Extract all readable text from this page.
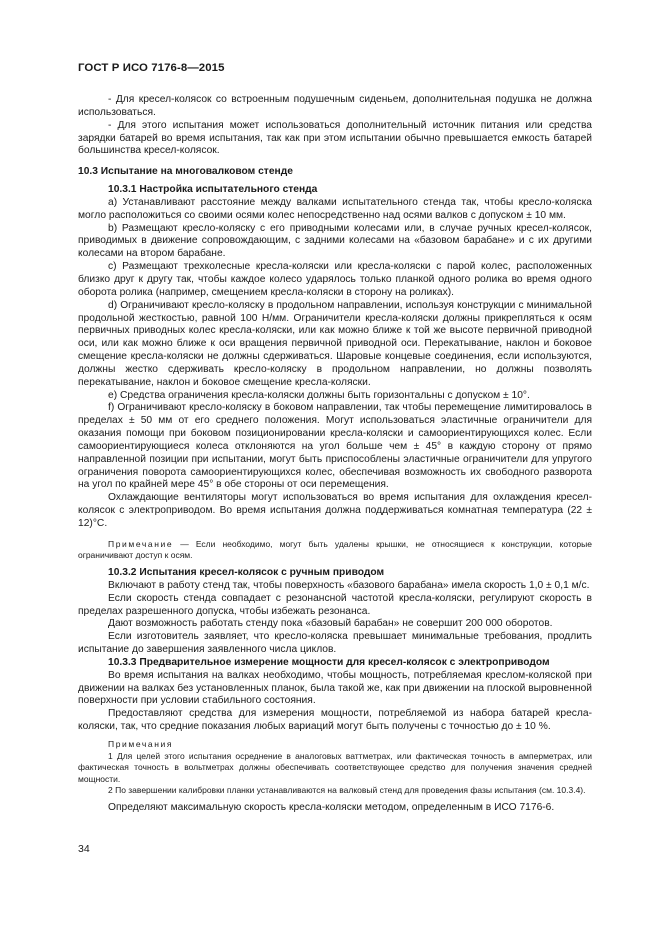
ГОСТ Р ИСО 7176-8—2015

- Для кресел-колясок со встроенным подушечным сиденьем, дополнительная подушка не должна использоваться.

- Для этого испытания может использоваться дополнительный источник питания или средства зарядки батарей во время испытания, так как при этом испытании обычно превышается емкость батарей большинства кресел-колясок.

10.3 Испытание на многовалковом стенде

10.3.1 Настройка испытательного стенда

a) Устанавливают расстояние между валками испытательного стенда так, чтобы кресло-коляска могло расположиться со своими осями колес непосредственно над осями валков с допуском ± 10 мм.

b) Размещают кресло-коляску с его приводными колесами или, в случае ручных кресел-колясок, приводимых в движение сопровождающим, с задними колесами на «базовом барабане» и с их другими колесами на втором барабане.

c) Размещают трехколесные кресла-коляски или кресла-коляски с парой колес, расположенных близко друг к другу так, чтобы каждое колесо ударялось только планкой одного ролика во время одного оборота ролика (например, смещением кресла-коляски в сторону на роликах).

d) Ограничивают кресло-коляску в продольном направлении, используя конструкции с минимальной продольной жесткостью, равной 100 Н/мм. Ограничители кресла-коляски должны прикрепляться к осям первичных приводных колес кресла-коляски, или как можно ближе к той же высоте первичной приводной оси, или как можно ближе к оси вращения первичной приводной оси. Перекатывание, наклон и боковое смещение кресла-коляски не должны сдерживаться. Шаровые концевые соединения, если используются, должны жестко сдерживать кресло-коляску в продольном направлении, но должны позволять перекатывание, наклон и боковое смещение кресла-коляски.

e) Средства ограничения кресла-коляски должны быть горизонтальны с допуском ± 10°.

f) Ограничивают кресло-коляску в боковом направлении, так чтобы перемещение лимитировалось в пределах ± 50 мм от его среднего положения. Могут использоваться эластичные ограничители для оказания помощи при боковом позиционировании кресла-коляски и самоориентирующихся колес. Если самоориентирующиеся колеса отклоняются на угол больше чем ± 45° в каждую сторону от прямо направленной позиции при испытании, могут быть приспособлены эластичные ограничители для упругого ограничения поворота самоориентирующихся колес, обеспечивая возможность их свободного разворота на угол по крайней мере 45° в обе стороны от оси перемещения.

Охлаждающие вентиляторы могут использоваться во время испытания для охлаждения кресел-колясок с электроприводом. Во время испытания должна поддерживаться комнатная температура (22 ± 12)°C.

Примечание — Если необходимо, могут быть удалены крышки, не относящиеся к конструкции, которые ограничивают доступ к осям.

10.3.2 Испытания кресел-колясок с ручным приводом

Включают в работу стенд так, чтобы поверхность «базового барабана» имела скорость 1,0 ± 0,1 м/с.

Если скорость стенда совпадает с резонансной частотой кресла-коляски, регулируют скорость в пределах разрешенного допуска, чтобы избежать резонанса.

Дают возможность работать стенду пока «базовый барабан» не совершит 200 000 оборотов.

Если изготовитель заявляет, что кресло-коляска превышает минимальные требования, продлить испытание до завершения заявленного числа циклов.

10.3.3 Предварительное измерение мощности для кресел-колясок с электроприводом

Во время испытания на валках необходимо, чтобы мощность, потребляемая креслом-коляской при движении на валках без установленных планок, была такой же, как при движении на плоской выровненной поверхности при условии стабильного состояния.

Предоставляют средства для измерения мощности, потребляемой из набора батарей кресла-коляски, так, что средние показания любых вариаций могут быть получены с точностью до ± 10 %.

Примечания

1 Для целей этого испытания осреднение в аналоговых ваттметрах, или фактическая точность в амперметрах, или фактическая точность в вольтметрах должны обеспечивать соответствующее средство для получения значения средней мощности.

2 По завершении калибровки планки устанавливаются на валковый стенд для проведения фазы испытания (см. 10.3.4).

Определяют максимальную скорость кресла-коляски методом, определенным в ИСО 7176-6.

34
